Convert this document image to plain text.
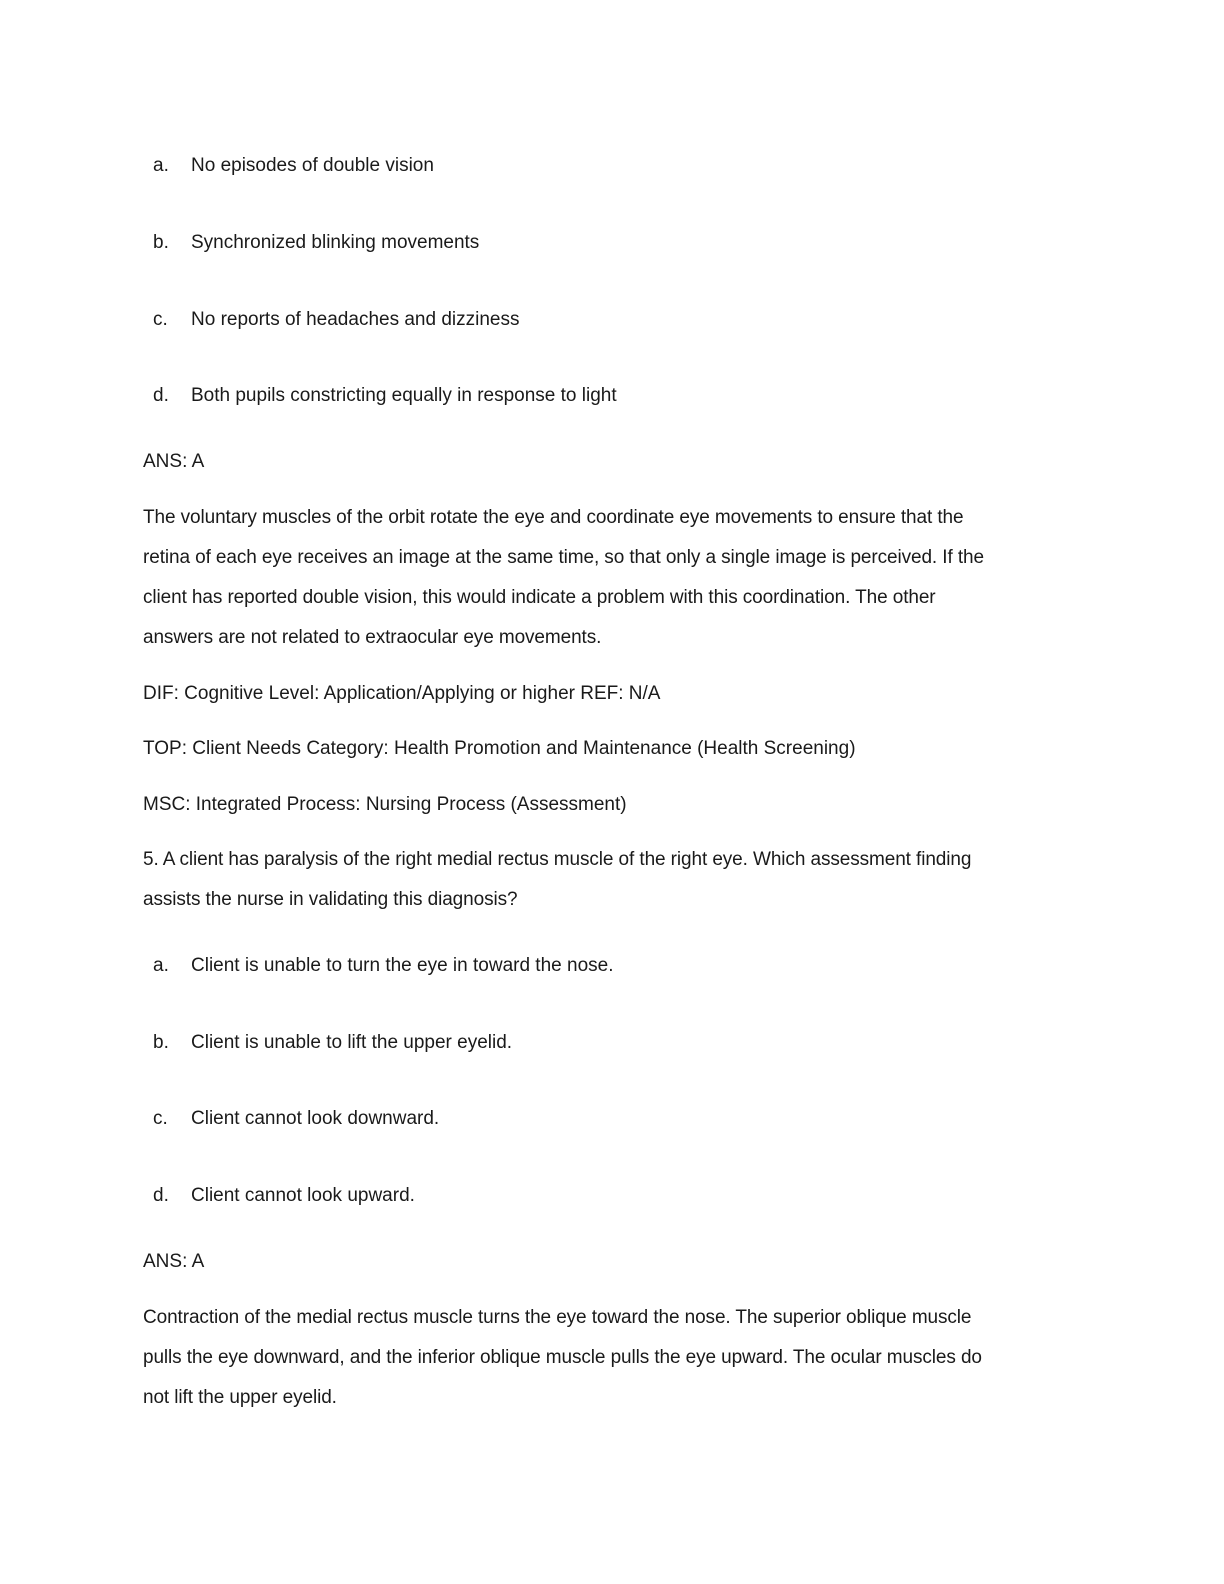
a.	No episodes of double vision
b.	Synchronized blinking movements
c.	No reports of headaches and dizziness
d.	Both pupils constricting equally in response to light
ANS: A
The voluntary muscles of the orbit rotate the eye and coordinate eye movements to ensure that the
retina of each eye receives an image at the same time, so that only a single image is perceived. If the
client has reported double vision, this would indicate a problem with this coordination. The other
answers are not related to extraocular eye movements.
DIF: Cognitive Level: Application/Applying or higher REF: N/A
TOP: Client Needs Category: Health Promotion and Maintenance (Health Screening)
MSC: Integrated Process: Nursing Process (Assessment)
5. A client has paralysis of the right medial rectus muscle of the right eye. Which assessment finding
assists the nurse in validating this diagnosis?
a.	Client is unable to turn the eye in toward the nose.
b.	Client is unable to lift the upper eyelid.
c.	Client cannot look downward.
d.	Client cannot look upward.
ANS: A
Contraction of the medial rectus muscle turns the eye toward the nose. The superior oblique muscle
pulls the eye downward, and the inferior oblique muscle pulls the eye upward. The ocular muscles do
not lift the upper eyelid.
